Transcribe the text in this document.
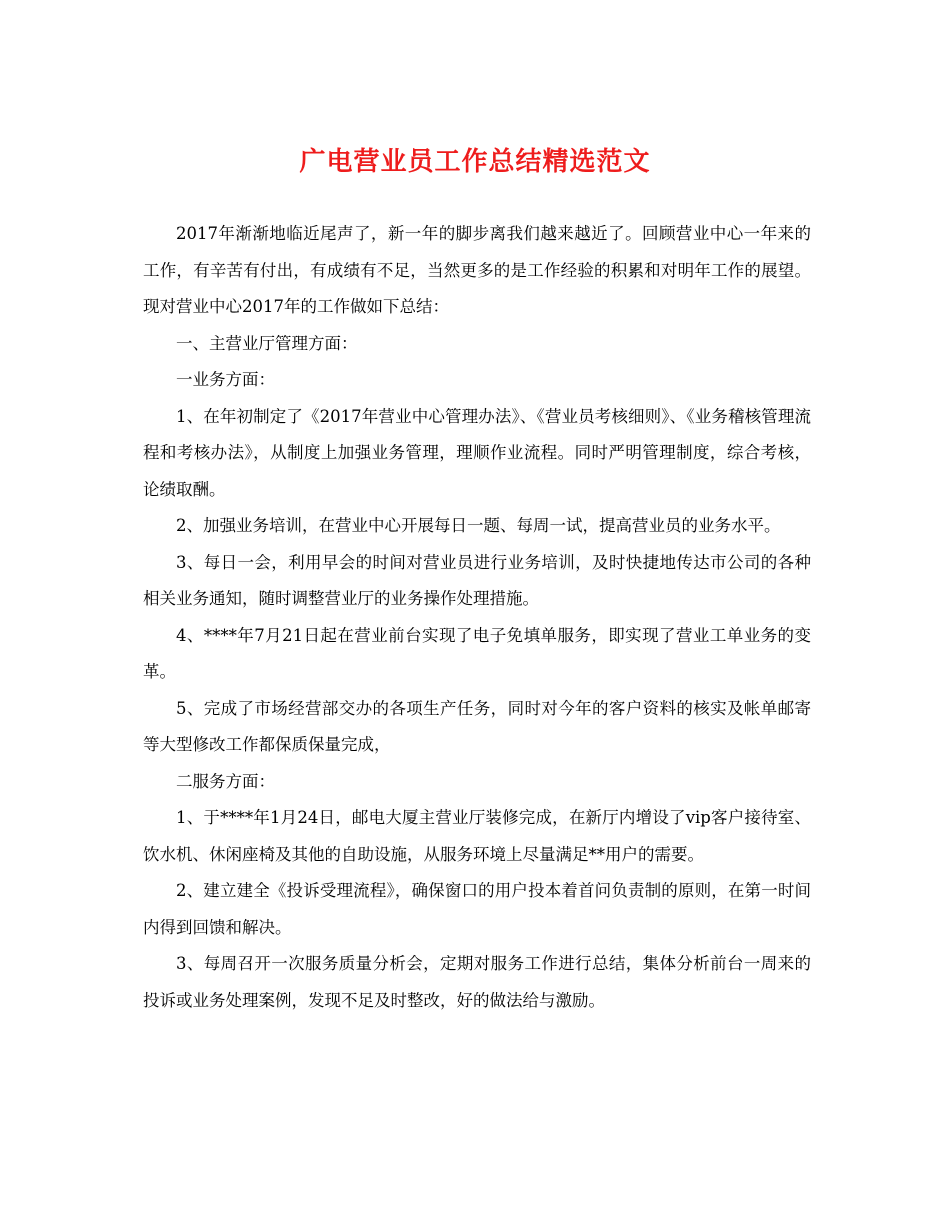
广电营业员工作总结精选范文

2017年渐渐地临近尾声了，新一年的脚步离我们越来越近了。回顾营业中心一年来的工作，有辛苦有付出，有成绩有不足，当然更多的是工作经验的积累和对明年工作的展望。现对营业中心2017年的工作做如下总结：

一、主营业厅管理方面：

一业务方面：

1、在年初制定了《2017年营业中心管理办法》、《营业员考核细则》、《业务稽核管理流程和考核办法》，从制度上加强业务管理，理顺作业流程。同时严明管理制度，综合考核，论绩取酬。

2、加强业务培训，在营业中心开展每日一题、每周一试，提高营业员的业务水平。

3、每日一会，利用早会的时间对营业员进行业务培训，及时快捷地传达市公司的各种相关业务通知，随时调整营业厅的业务操作处理措施。

4、****年7月21日起在营业前台实现了电子免填单服务，即实现了营业工单业务的变革。

5、完成了市场经营部交办的各项生产任务，同时对今年的客户资料的核实及帐单邮寄等大型修改工作都保质保量完成，

二服务方面：

1、于****年1月24日，邮电大厦主营业厅装修完成，在新厅内增设了vip客户接待室、饮水机、休闲座椅及其他的自助设施，从服务环境上尽量满足**用户的需要。

2、建立建全《投诉受理流程》，确保窗口的用户投本着首问负责制的原则，在第一时间内得到回馈和解决。

3、每周召开一次服务质量分析会，定期对服务工作进行总结，集体分析前台一周来的投诉或业务处理案例，发现不足及时整改，好的做法给与激励。
